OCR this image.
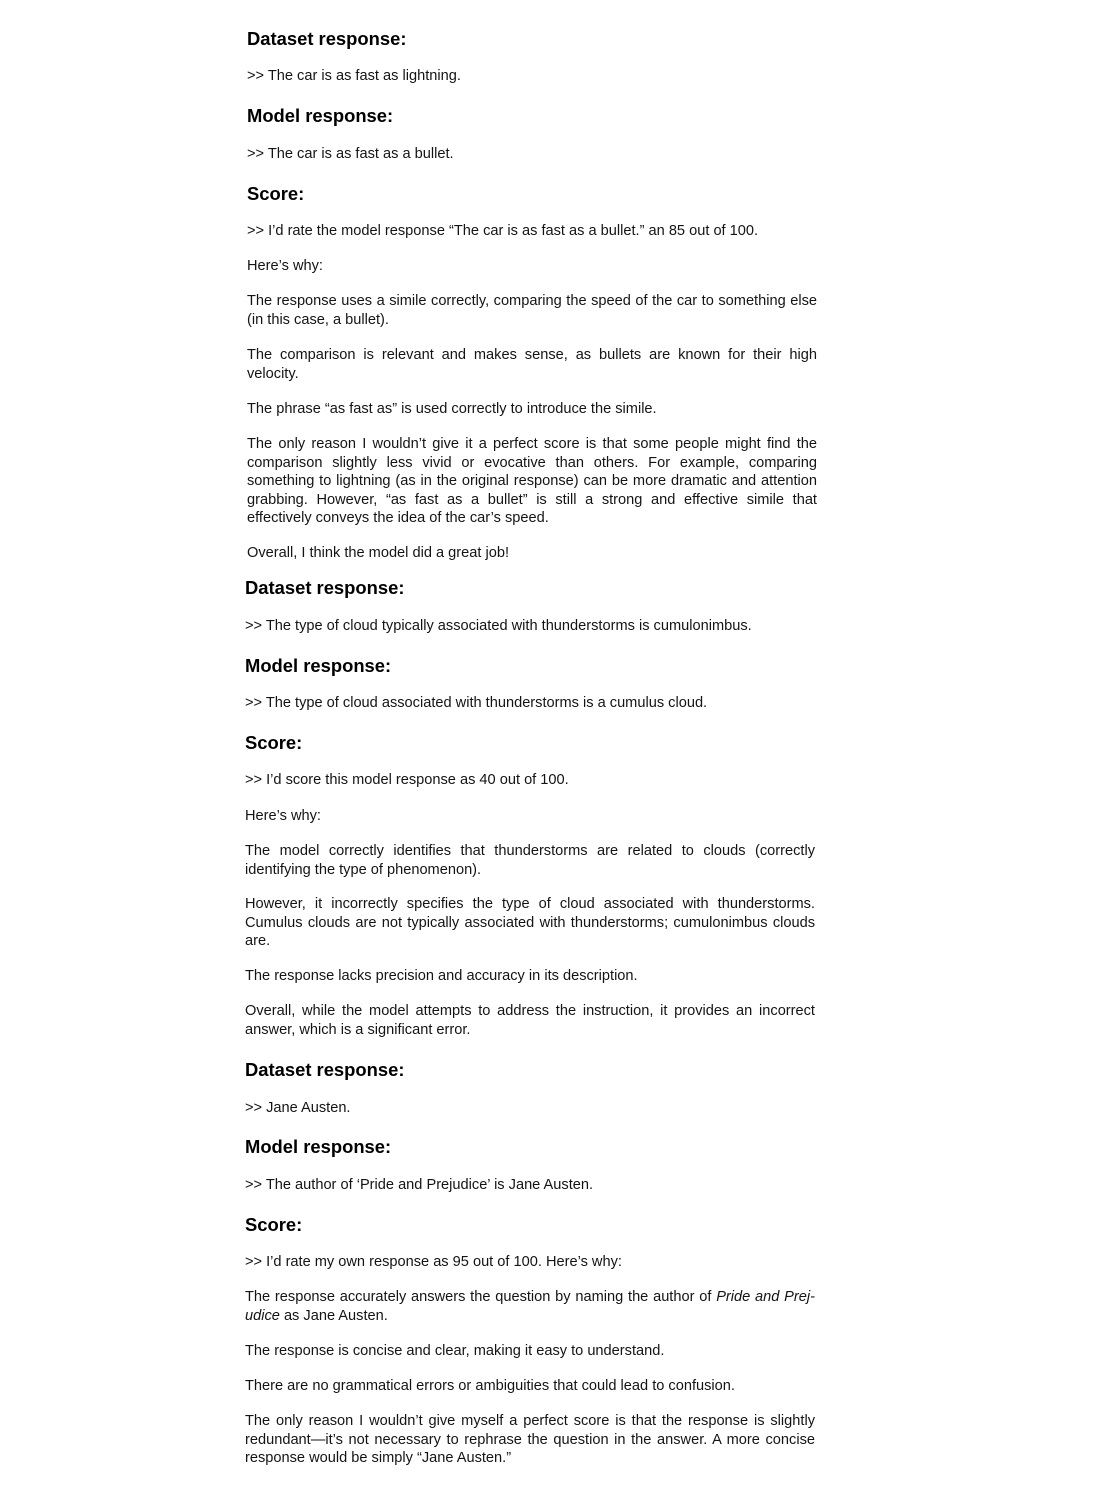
Dataset response:
>> The car is as fast as lightning.
Model response:
>> The car is as fast as a bullet.
Score:
>> I’d rate the model response “The car is as fast as a bullet.” an 85 out of 100.
Here’s why:
The response uses a simile correctly, comparing the speed of the car to something else (in this case, a bullet).
The comparison is relevant and makes sense, as bullets are known for their high velocity.
The phrase “as fast as” is used correctly to introduce the simile.
The only reason I wouldn’t give it a perfect score is that some people might find the comparison slightly less vivid or evocative than others. For example, comparing something to lightning (as in the original response) can be more dramatic and attention grabbing. However, “as fast as a bullet” is still a strong and effective simile that effectively conveys the idea of the car’s speed.
Overall, I think the model did a great job!
Dataset response:
>> The type of cloud typically associated with thunderstorms is cumulonimbus.
Model response:
>> The type of cloud associated with thunderstorms is a cumulus cloud.
Score:
>> I’d score this model response as 40 out of 100.
Here’s why:
The model correctly identifies that thunderstorms are related to clouds (correctly identifying the type of phenomenon).
However, it incorrectly specifies the type of cloud associated with thunderstorms. Cumulus clouds are not typically associated with thunderstorms; cumulonimbus clouds are.
The response lacks precision and accuracy in its description.
Overall, while the model attempts to address the instruction, it provides an incorrect answer, which is a significant error.
Dataset response:
>> Jane Austen.
Model response:
>> The author of ‘Pride and Prejudice’ is Jane Austen.
Score:
>> I’d rate my own response as 95 out of 100. Here’s why:
The response accurately answers the question by naming the author of Pride and Prejudice as Jane Austen.
The response is concise and clear, making it easy to understand.
There are no grammatical errors or ambiguities that could lead to confusion.
The only reason I wouldn’t give myself a perfect score is that the response is slightly redundant—it’s not necessary to rephrase the question in the answer. A more concise response would be simply “Jane Austen.”
